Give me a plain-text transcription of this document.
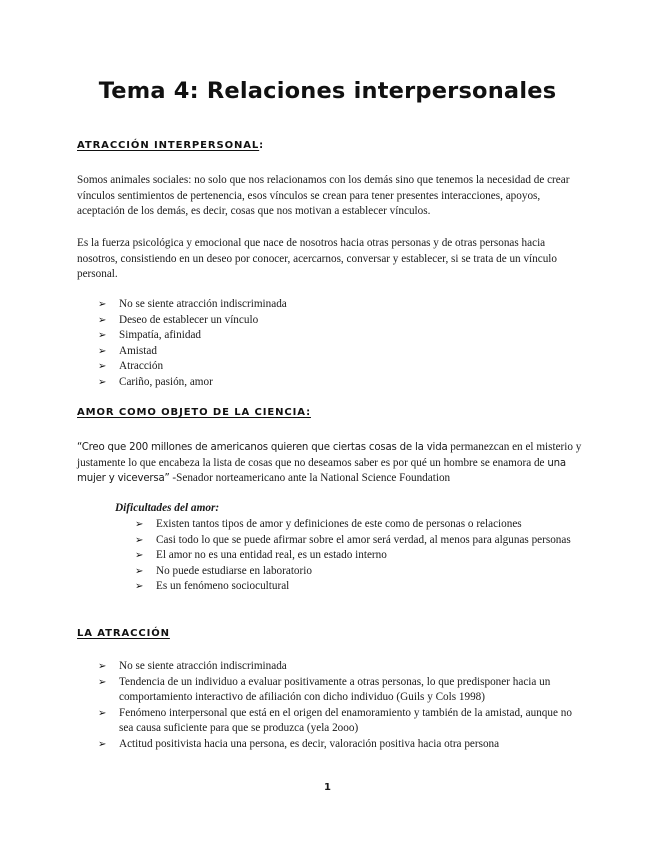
Tema 4: Relaciones interpersonales
ATRACCIÓN INTERPERSONAL:

Somos animales sociales: no solo que nos relacionamos con los demás sino que tenemos la necesidad de crear vínculos sentimientos de pertenencia, esos vínculos se crean para tener presentes interacciones, apoyos, aceptación de los demás, es decir, cosas que nos motivan a establecer vínculos.

Es la fuerza psicológica y emocional que nace de nosotros hacia otras personas y de otras personas hacia nosotros, consistiendo en un deseo por conocer, acercarnos, conversar y establecer, si se trata de un vínculo personal.

➢ No se siente atracción indiscriminada
➢ Deseo de establecer un vínculo
➢ Simpatía, afinidad
➢ Amistad
➢ Atracción
➢ Cariño, pasión, amor
AMOR COMO OBJETO DE LA CIENCIA:

“Creo que 200 millones de americanos quieren que ciertas cosas de la vida permanezcan en el misterio y justamente lo que encabeza la lista de cosas que no deseamos saber es por qué un hombre se enamora de una mujer y viceversa” -Senador norteamericano ante la National Science Foundation

Dificultades del amor:
➢ Existen tantos tipos de amor y definiciones de este como de personas o relaciones
➢ Casi todo lo que se puede afirmar sobre el amor será verdad, al menos para algunas personas
➢ El amor no es una entidad real, es un estado interno
➢ No puede estudiarse en laboratorio
➢ Es un fenómeno sociocultural
LA ATRACCIÓN
➢ No se siente atracción indiscriminada
➢ Tendencia de un individuo a evaluar positivamente a otras personas, lo que predisponer hacia un comportamiento interactivo de afiliación con dicho individuo (Guils y Cols 1998)
➢ Fenómeno interpersonal que está en el origen del enamoramiento y también de la amistad, aunque no sea causa suficiente para que se produzca (yela 2ooo)
➢ Actitud positivista hacia una persona, es decir, valoración positiva hacia otra persona
1
